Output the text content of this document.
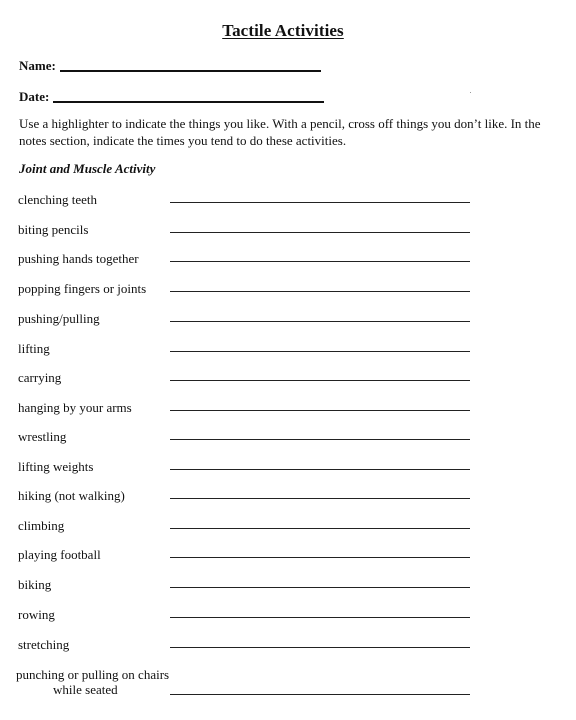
Tactile Activities
Name:
Date:
Use a highlighter to indicate the things you like. With a pencil, cross off things you don’t like. In the notes section, indicate the times you tend to do these activities.
Joint and Muscle Activity
clenching teeth
biting pencils
pushing hands together
popping fingers or joints
pushing/pulling
lifting
carrying
hanging by your arms
wrestling
lifting weights
hiking (not walking)
climbing
playing football
biking
rowing
stretching
punching or pulling on chairs
while seated
